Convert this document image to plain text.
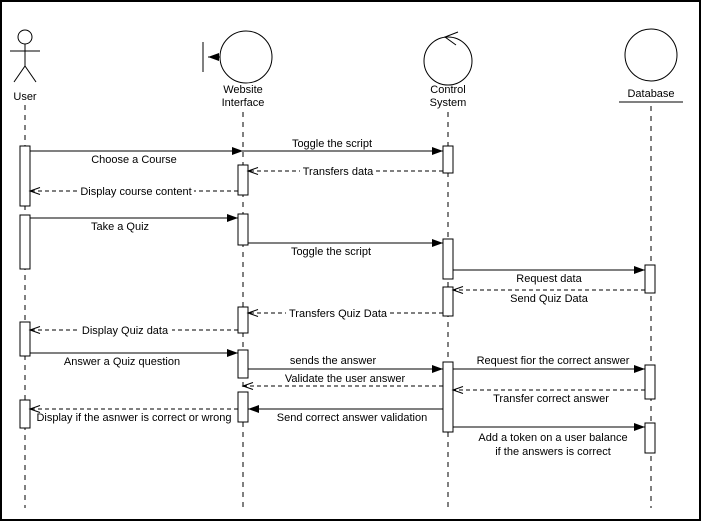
User
Website
Interface
Control
System
Database
Choose a Course
Toggle the script
Transfers data
Display course content
Take a Quiz
Toggle the script
Request data
Send Quiz Data
Transfers Quiz Data
Display Quiz data
Answer a Quiz question	sends the answer	Request fior the correct answer
Validate the user answer
Transfer correct answer
Send correct answer validation
Display if the asnwer is correct or wrong
Add a token on a user balance
if the answers is correct
